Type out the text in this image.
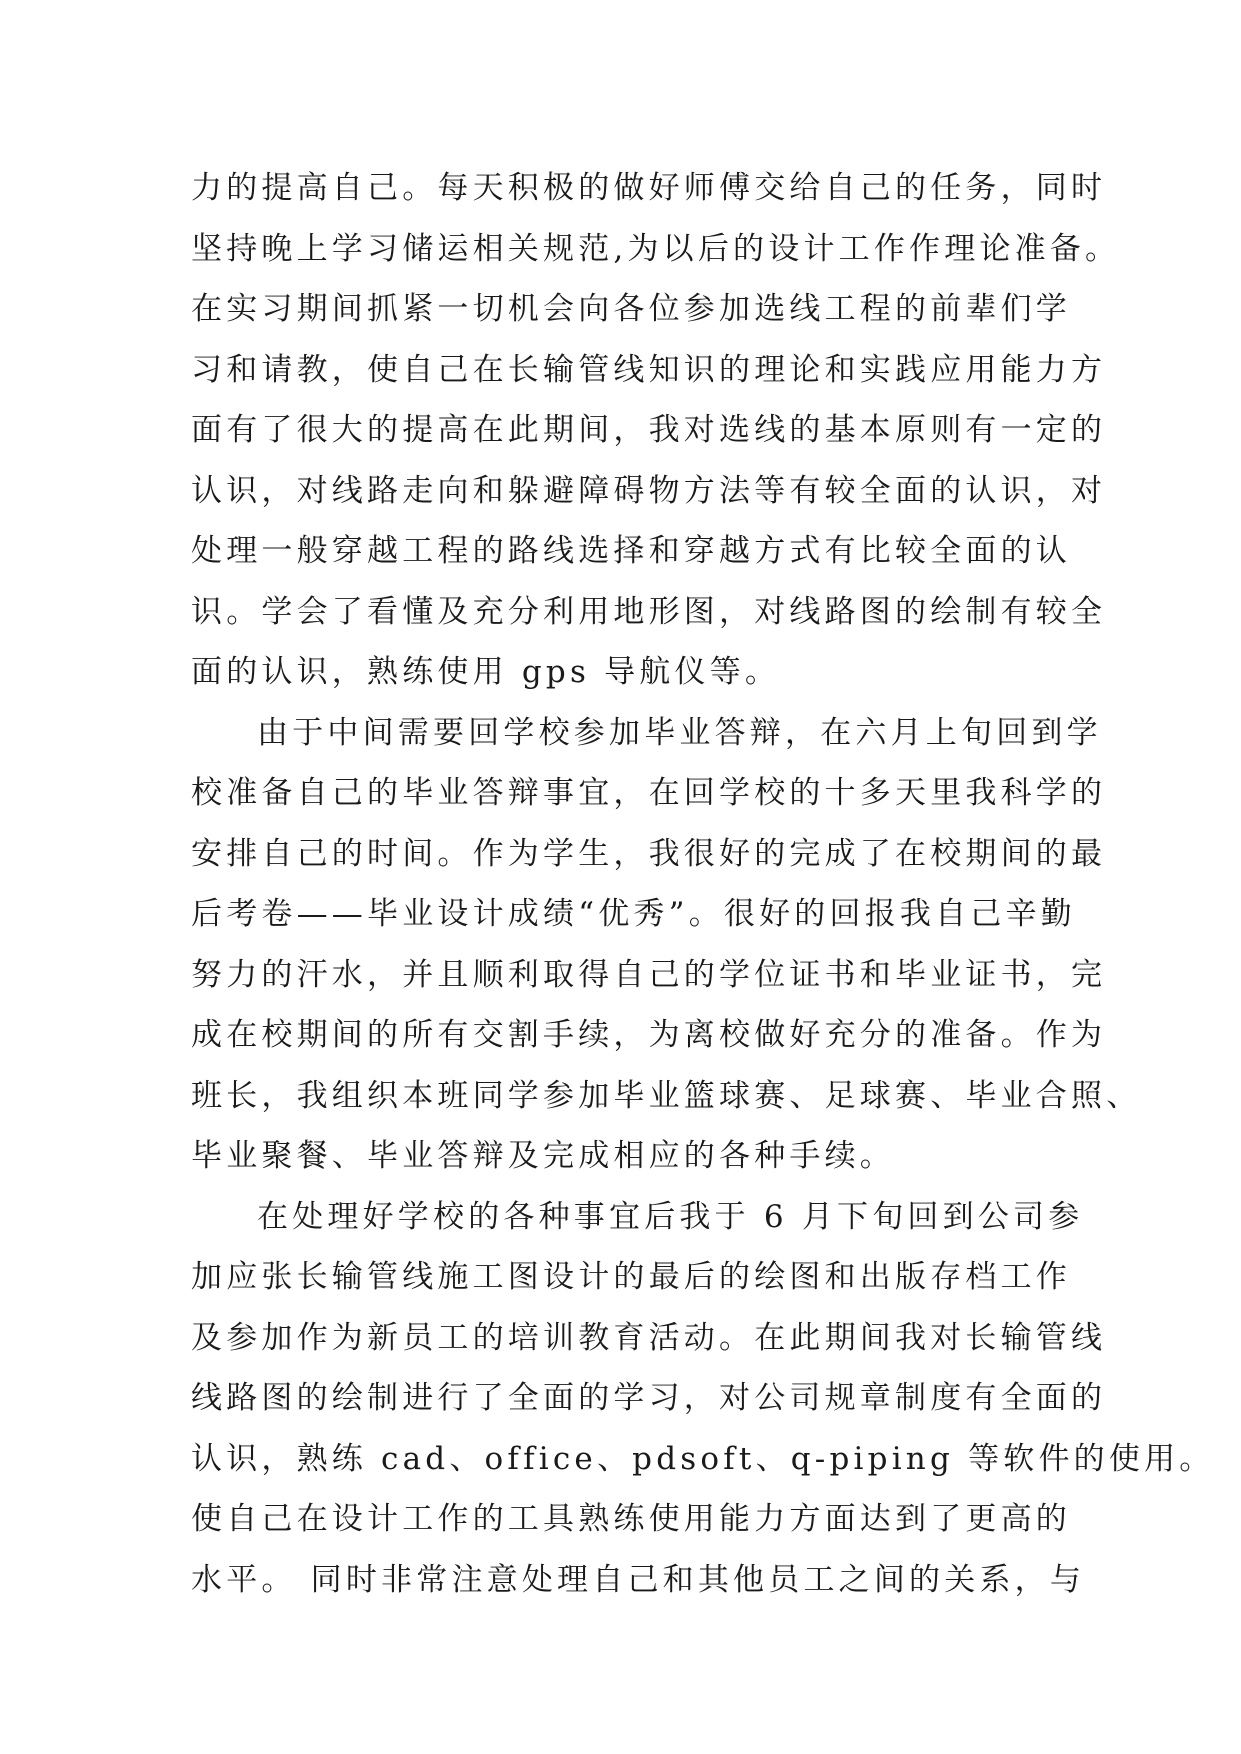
力的提高自己。每天积极的做好师傅交给自己的任务，同时
坚持晚上学习储运相关规范,为以后的设计工作作理论准备。
在实习期间抓紧一切机会向各位参加选线工程的前辈们学
习和请教，使自己在长输管线知识的理论和实践应用能力方
面有了很大的提高在此期间，我对选线的基本原则有一定的
认识，对线路走向和躲避障碍物方法等有较全面的认识，对
处理一般穿越工程的路线选择和穿越方式有比较全面的认
识。学会了看懂及充分利用地形图，对线路图的绘制有较全
面的认识，熟练使用 gps 导航仪等。
由于中间需要回学校参加毕业答辩，在六月上旬回到学
校准备自己的毕业答辩事宜，在回学校的十多天里我科学的
安排自己的时间。作为学生，我很好的完成了在校期间的最
后考卷——毕业设计成绩“优秀”。很好的回报我自己辛勤
努力的汗水，并且顺利取得自己的学位证书和毕业证书，完
成在校期间的所有交割手续，为离校做好充分的准备。作为
班长，我组织本班同学参加毕业篮球赛、足球赛、毕业合照、
毕业聚餐、毕业答辩及完成相应的各种手续。
在处理好学校的各种事宜后我于 6 月下旬回到公司参
加应张长输管线施工图设计的最后的绘图和出版存档工作
及参加作为新员工的培训教育活动。在此期间我对长输管线
线路图的绘制进行了全面的学习，对公司规章制度有全面的
认识，熟练 cad、office、pdsoft、q-piping 等软件的使用。
使自己在设计工作的工具熟练使用能力方面达到了更高的
水平。 同时非常注意处理自己和其他员工之间的关系，与
